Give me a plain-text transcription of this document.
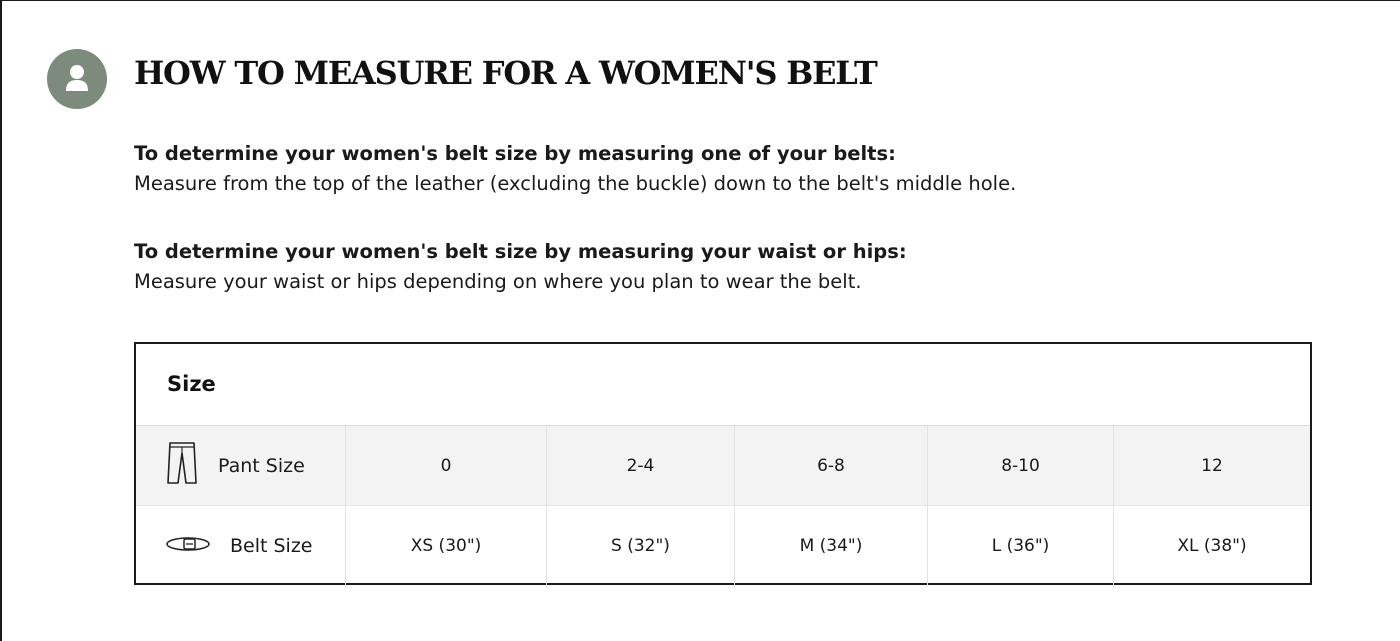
HOW TO MEASURE FOR A WOMEN'S BELT
To determine your women's belt size by measuring one of your belts:
Measure from the top of the leather (excluding the buckle) down to the belt's middle hole.
To determine your women's belt size by measuring your waist or hips:
Measure your waist or hips depending on where you plan to wear the belt.
Size
Pant Size	0	2-4	6-8	8-10	12
Belt Size	XS (30")	S (32")	M (34")	L (36")	XL (38")
